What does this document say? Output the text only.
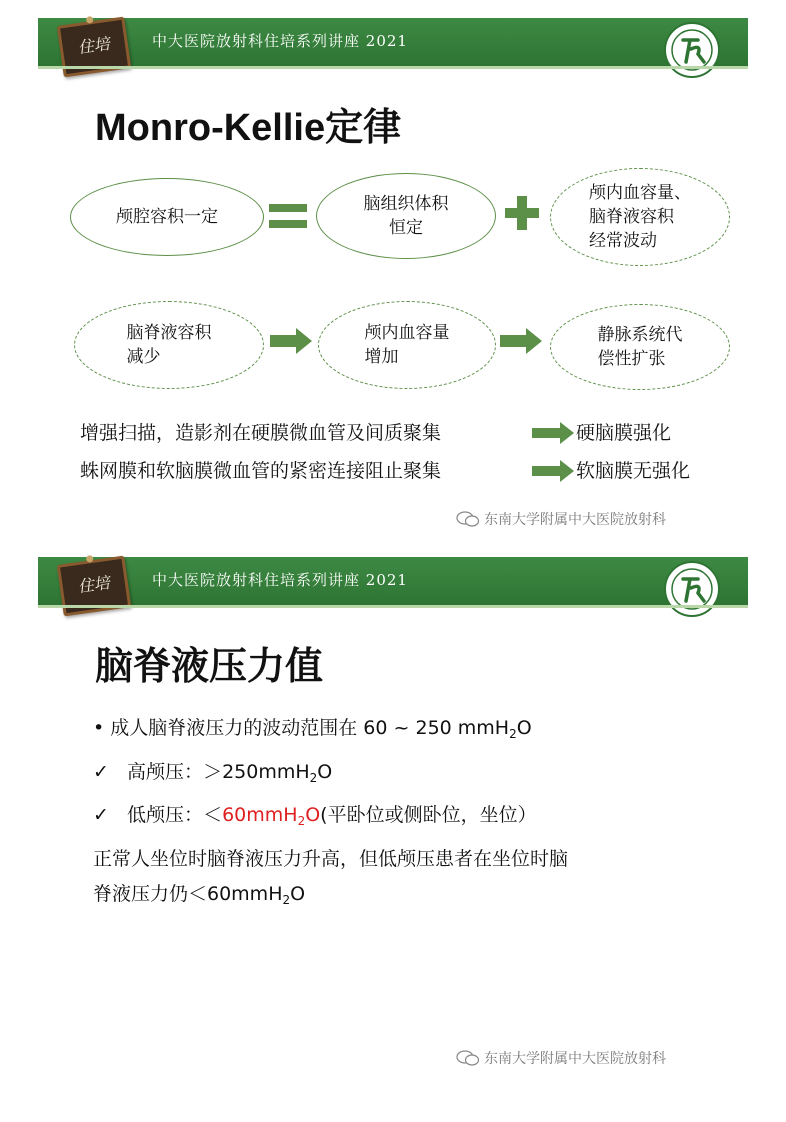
住培	中大医院放射科住培系列讲座 2021
Monro-Kellie定律
颅腔容积一定
脑组织体积
恒定
颅内血容量、
脑脊液容积
经常波动
脑脊液容积
减少
颅内血容量
增加
静脉系统代
偿性扩张
增强扫描，造影剂在硬膜微血管及间质聚集	硬脑膜强化
蛛网膜和软脑膜微血管的紧密连接阻止聚集	软脑膜无强化
东南大学附属中大医院放射科
住培	中大医院放射科住培系列讲座 2021
脑脊液压力值
• 成人脑脊液压力的波动范围在 60 ~ 250 mmH$_2$O
✓ 高颅压：＞250mmH$_2$O
✓ 低颅压：＜60mmH$_2$O(平卧位或侧卧位，坐位）
正常人坐位时脑脊液压力升高，但低颅压患者在坐位时脑
脊液压力仍＜60mmH$_2$O
东南大学附属中大医院放射科
